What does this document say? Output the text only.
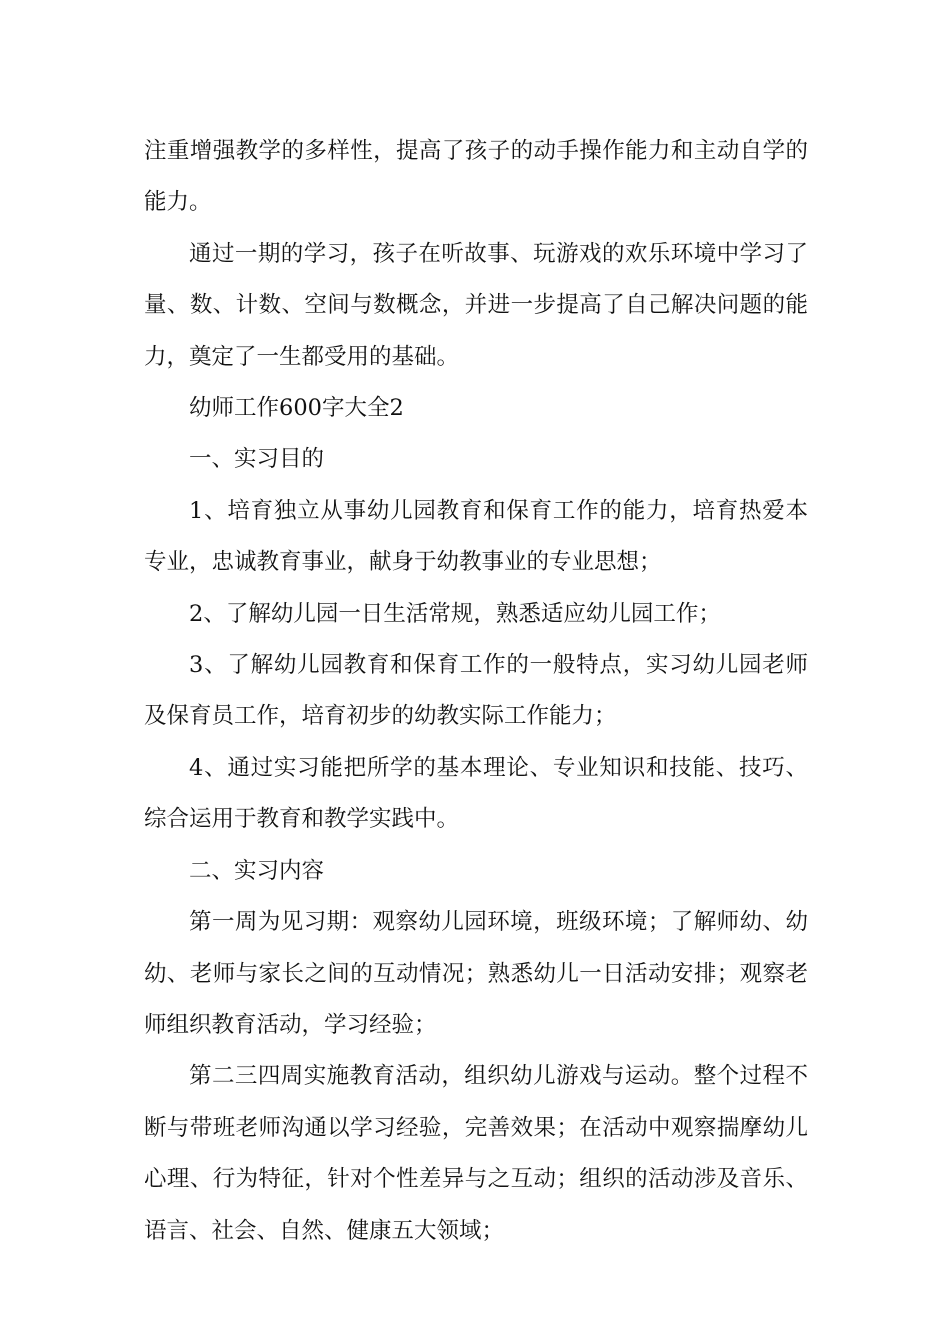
注重增强教学的多样性，提高了孩子的动手操作能力和主动自学的能力。

通过一期的学习，孩子在听故事、玩游戏的欢乐环境中学习了量、数、计数、空间与数概念，并进一步提高了自己解决问题的能力，奠定了一生都受用的基础。

幼师工作600字大全2

一、实习目的

1、培育独立从事幼儿园教育和保育工作的能力，培育热爱本专业，忠诚教育事业，献身于幼教事业的专业思想；

2、了解幼儿园一日生活常规，熟悉适应幼儿园工作；

3、了解幼儿园教育和保育工作的一般特点，实习幼儿园老师及保育员工作，培育初步的幼教实际工作能力；

4、通过实习能把所学的基本理论、专业知识和技能、技巧、综合运用于教育和教学实践中。

二、实习内容

第一周为见习期：观察幼儿园环境，班级环境；了解师幼、幼幼、老师与家长之间的互动情况；熟悉幼儿一日活动安排；观察老师组织教育活动，学习经验；

第二三四周实施教育活动，组织幼儿游戏与运动。整个过程不断与带班老师沟通以学习经验，完善效果；在活动中观察揣摩幼儿心理、行为特征，针对个性差异与之互动；组织的活动涉及音乐、语言、社会、自然、健康五大领域；
